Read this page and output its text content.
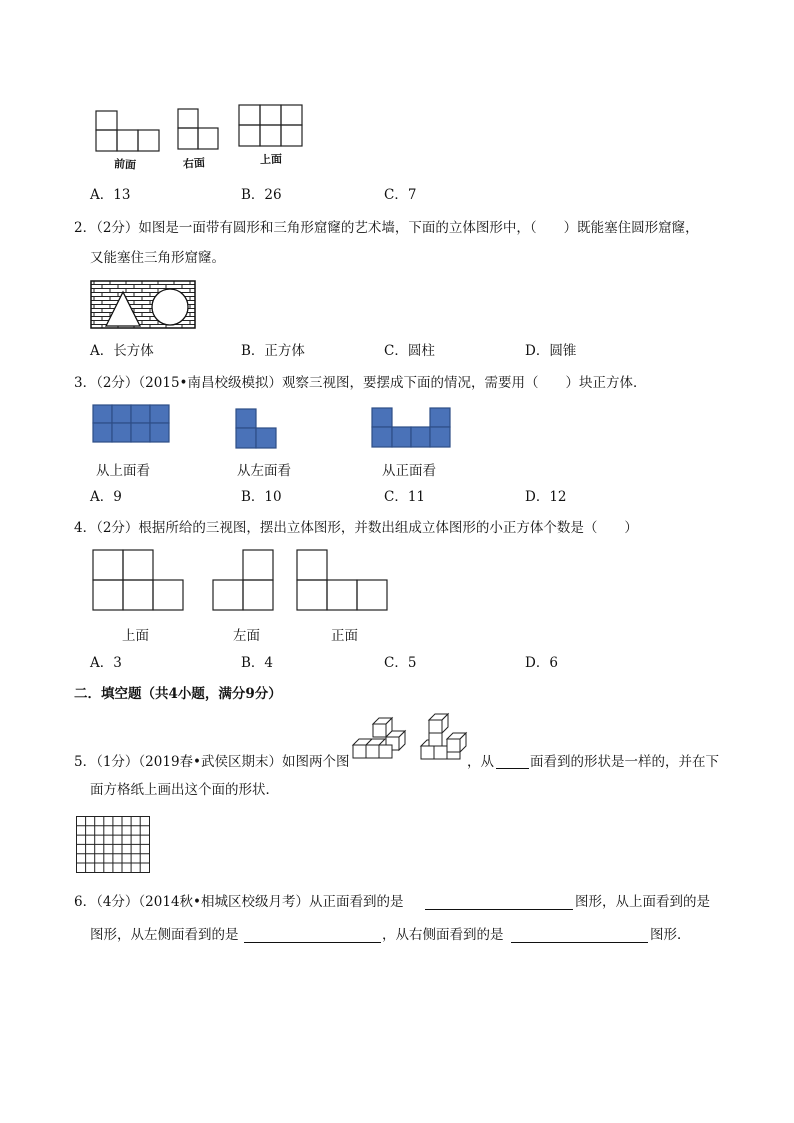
前面	右面	上面
A．13	B．26	C．7
2．（2分）如图是一面带有圆形和三角形窟窿的艺术墙，下面的立体图形中，（　　）既能塞住圆形窟窿，
又能塞住三角形窟窿。
A．长方体	B．正方体	C．圆柱	D．圆锥
3．（2分）（2015•南昌校级模拟）观察三视图，要摆成下面的情况，需要用（　　）块正方体．
从上面看	从左面看	从正面看
A．9	B．10	C．11	D．12
4．（2分）根据所给的三视图，摆出立体图形，并数出组成立体图形的小正方体个数是（　　）
上面	左面	正面
A．3	B．4	C．5	D．6
二．填空题（共4小题，满分9分）
5．（1分）（2019春•武侯区期末）如图两个图	，从	面看到的形状是一样的，并在下
面方格纸上画出这个面的形状．
6．（4分）（2014秋•相城区校级月考）从正面看到的是	图形，从上面看到的是
图形，从左侧面看到的是	，从右侧面看到的是	图形．
